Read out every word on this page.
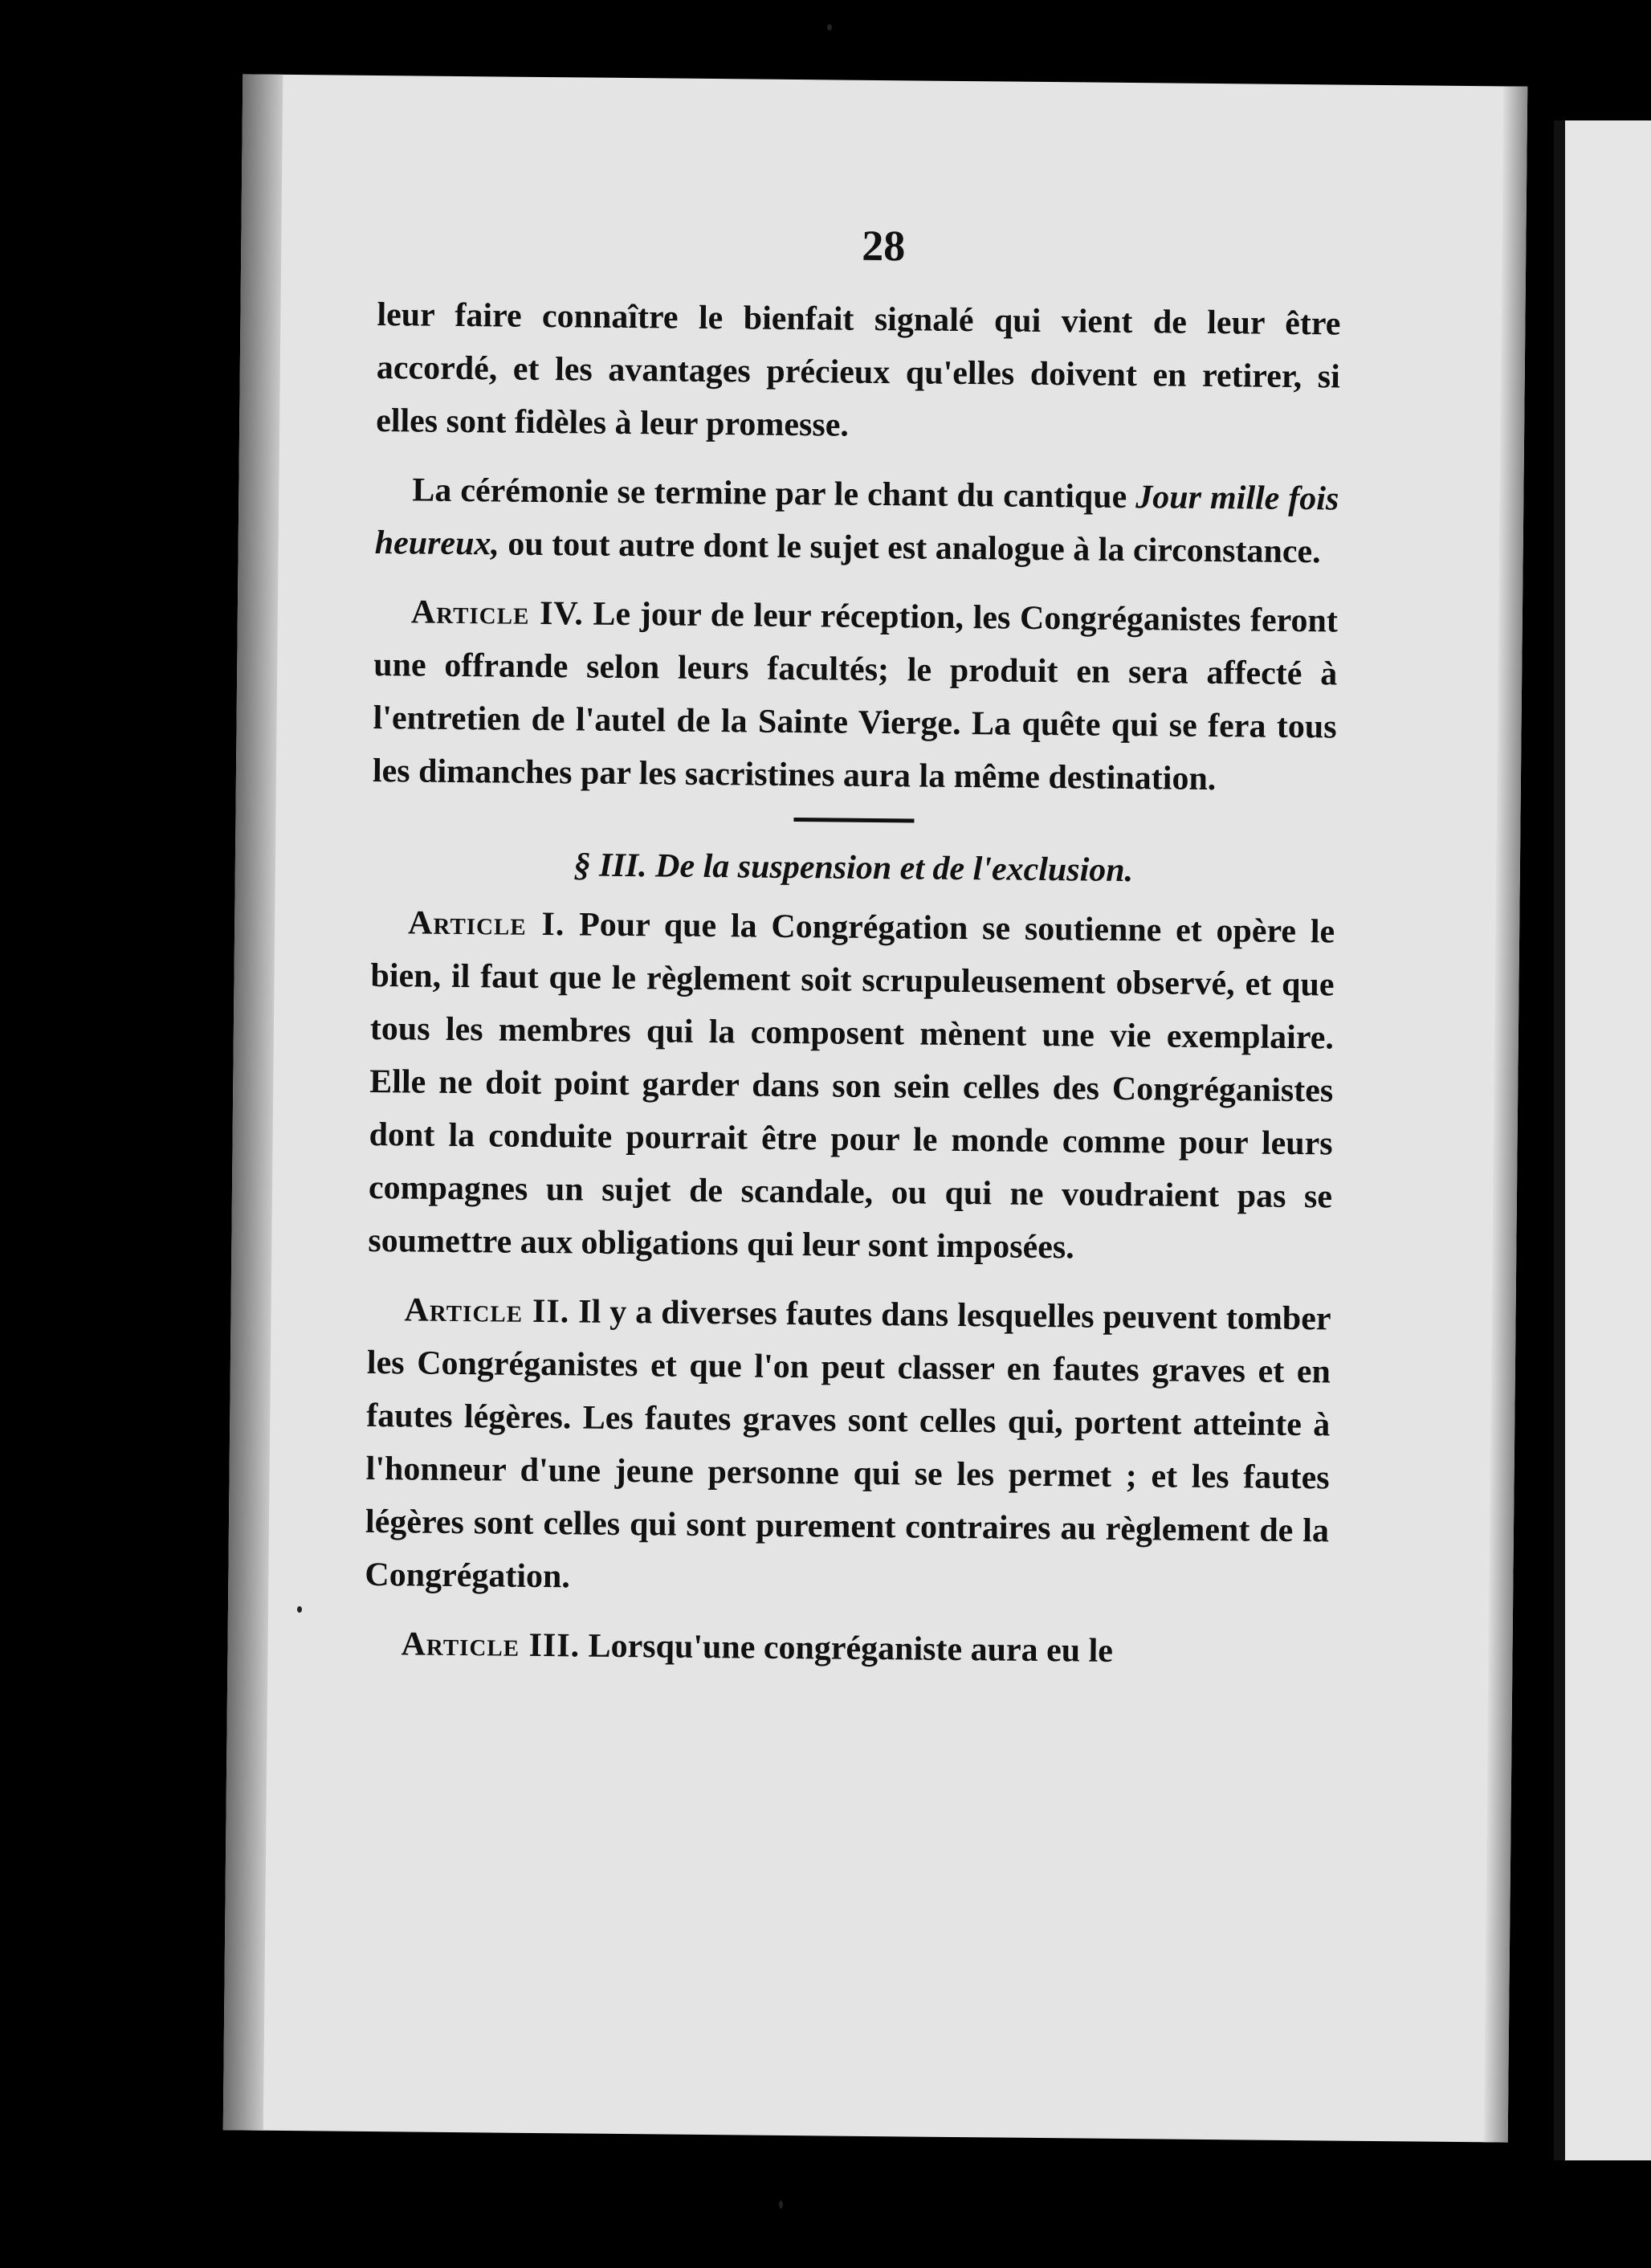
28

leur faire connaître le bienfait signalé qui vient de leur être accordé, et les avantages précieux qu'elles doivent en retirer, si elles sont fidèles à leur promesse.

La cérémonie se termine par le chant du cantique Jour mille fois heureux, ou tout autre dont le sujet est analogue à la circonstance.

Article IV. Le jour de leur réception, les Congréganistes feront une offrande selon leurs facultés; le produit en sera affecté à l'entretien de l'autel de la Sainte Vierge. La quête qui se fera tous les dimanches par les sacristines aura la même destination.

§ III. De la suspension et de l'exclusion.

Article I. Pour que la Congrégation se soutienne et opère le bien, il faut que le règlement soit scrupuleusement observé, et que tous les membres qui la composent mènent une vie exemplaire. Elle ne doit point garder dans son sein celles des Congréganistes dont la conduite pourrait être pour le monde comme pour leurs compagnes un sujet de scandale, ou qui ne voudraient pas se soumettre aux obligations qui leur sont imposées.

Article II. Il y a diverses fautes dans lesquelles peuvent tomber les Congréganistes et que l'on peut classer en fautes graves et en fautes légères. Les fautes graves sont celles qui, portent atteinte à l'honneur d'une jeune personne qui se les permet ; et les fautes légères sont celles qui sont purement contraires au règlement de la Congrégation.

Article III. Lorsqu'une congréganiste aura eu le
